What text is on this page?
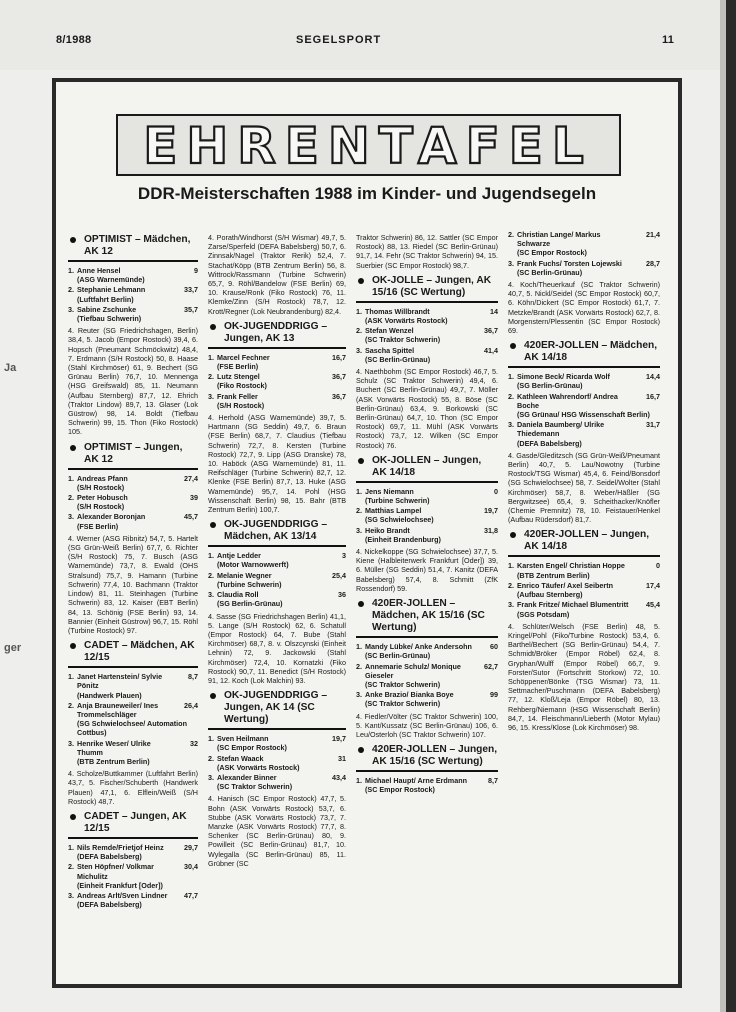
8/1988	SEGELSPORT	11
Ja
ger
EHRENTAFEL
DDR-Meisterschaften 1988 im Kinder- und Jugendsegeln
OPTIMIST – Mädchen, AK 12
1. Anne Hensel	9
(ASG Warnemünde)
2. Stephanie Lehmann	33,7
(Luftfahrt Berlin)
3. Sabine Zschunke	35,7
(Tiefbau Schwerin)
4. Reuter (SG Friedrichshagen, Berlin) 38,4, 5. Jacob (Empor Rostock) 39,4, 6. Hopsch (Pneumant Schmöckwitz) 48,4, 7. Erdmann (S/H Rostock) 50, 8. Haase (Stahl Kirchmöser) 61, 9. Bechert (SG Grünau Berlin) 76,7, 10. Mennenga (HSG Greifswald) 85, 11. Neumann (Aufbau Sternberg) 87,7, 12. Ehrich (Traktor Lindow) 89,7, 13. Glaser (Lok Güstrow) 98, 14. Boldt (Tiefbau Schwerin) 99, 15. Thon (Fiko Rostock) 105.
OPTIMIST – Jungen, AK 12
1. Andreas Pfann	27,4
(S/H Rostock)
2. Peter Hobusch	39
(S/H Rostock)
3. Alexander Boronjan	45,7
(FSE Berlin)
4. Werner (ASG Ribnitz) 54,7, 5. Hartelt (SG Grün-Weiß Berlin) 67,7, 6. Richter (S/H Rostock) 75, 7. Busch (ASG Warnemünde) 73,7, 8. Ewald (OHS Stralsund) 75,7, 9. Hamann (Turbine Schwerin) 77,4, 10. Bachmann (Traktor Lindow) 81, 11. Steinhagen (Turbine Schwerin) 83, 12. Kaiser (EBT Berlin) 84, 13. Schönig (FSE Berlin) 93, 14. Bannier (Einheit Güstrow) 96,7, 15. Röhl (Turbine Rostock) 97.
CADET – Mädchen, AK 12/15
1. Janet Hartenstein/ Sylvie Pönitz
8,7
(Handwerk Plauen)
2. Anja Brauneweiler/ Ines Trommelschläger
26,4
(SG Schwielochsee/ Automation Cottbus)
3. Henrike Weser/ Ulrike Thumm
32
(BTB Zentrum Berlin)
4. Scholze/Buttkammer (Luftfahrt Berlin) 43,7, 5. Fischer/Schuberth (Handwerk Plauen) 47,1, 6. Elflein/Weiß (S/H Rostock) 48,7.
CADET – Jungen, AK 12/15
1. Nils Remde/Frietjof Heinz	29,7
(DEFA Babelsberg)
2. Sten Höpfner/ Volkmar Michulitz
30,4
(Einheit Frankfurt [Oder])
3. Andreas Arlt/Sven Lindner	47,7
(DEFA Babelsberg)
4. Porath/Windhorst (S/H Wismar) 49,7, 5. Zarse/Sperfeld (DEFA Babelsberg) 50,7, 6. Zinnsak/Nagel (Traktor Rerik) 52,4, 7. Stachat/Köpp (BTB Zentrum Berlin) 56, 8. Wittrock/Rassmann (Turbine Schwerin) 65,7, 9. Röhl/Bandelow (FSE Berlin) 69, 10. Krause/Ronk (Fiko Rostock) 76, 11. Klemke/Zinn (S/H Rostock) 78,7, 12. Krott/Regner (Lok Neubrandenburg) 82,4.
OK-JUGENDDRIGG – Jungen, AK 13
1. Marcel Fechner	16,7
(FSE Berlin)
2. Lutz Stengel	36,7
(Fiko Rostock)
3. Frank Feller	36,7
(S/H Rostock)
4. Herhold (ASG Warnemünde) 39,7, 5. Hartmann (SG Seddin) 49,7, 6. Braun (FSE Berlin) 68,7, 7. Claudius (Tiefbau Schwerin) 72,7, 8. Kersten (Turbine Rostock) 72,7, 9. Lipp (ASG Dranske) 78, 10. Haböck (ASG Warnemünde) 81, 11. Reifschläger (Turbine Schwerin) 82,7, 12. Klenke (FSE Berlin) 87,7, 13. Huke (ASG Warnemünde) 95,7, 14. Pohl (HSG Wissenschaft Berlin) 98, 15. Bahr (BTB Zentrum Berlin) 100,7.
OK-JUGENDDRIGG – Mädchen, AK 13/14
1. Antje Ledder	3
(Motor Warnowwerft)
2. Melanie Wegner	25,4
(Turbine Schwerin)
3. Claudia Roll	36
(SG Berlin-Grünau)
4. Sasse (SG Friedrichshagen Berlin) 41,1, 5. Lange (S/H Rostock) 62, 6. Schatull (Empor Rostock) 64, 7. Bube (Stahl Kirchmöser) 68,7, 8. v. Olszcynski (Einheit Lehnin) 72, 9. Jackowski (Stahl Kirchmöser) 72,4, 10. Kornatzki (Fiko Rostock) 90,7, 11. Benedict (S/H Rostock) 91, 12. Koch (Lok Malchin) 93.
OK-JUGENDDRIGG – Jungen, AK 14 (SC Wertung)
1. Sven Heilmann	19,7
(SC Empor Rostock)
2. Stefan Waack	31
(ASK Vorwärts Rostock)
3. Alexander Binner	43,4
(SC Traktor Schwerin)
4. Hanisch (SC Empor Rostock) 47,7, 5. Bohn (ASK Vorwärts Rostock) 53,7, 6. Stubbe (ASK Vorwärts Rostock) 73,7, 7. Manzke (ASK Vorwärts Rostock) 77,7, 8. Schenker (SC Berlin-Grünau) 80, 9. Powilleit (SC Berlin-Grünau) 81,7, 10. Wylegalla (SC Berlin-Grünau) 85, 11. Grübner (SC
Traktor Schwerin) 86, 12. Sattler (SC Empor Rostock) 88, 13. Riedel (SC Berlin-Grünau) 91,7, 14. Fehr (SC Traktor Schwerin) 94, 15. Suerbier (SC Empor Rostock) 98,7.
OK-JOLLE – Jungen, AK 15/16 (SC Wertung)
1. Thomas Willbrandt	14
(ASK Vorwärts Rostock)
2. Stefan Wenzel	36,7
(SC Traktor Schwerin)
3. Sascha Spittel	41,4
(SC Berlin-Grünau)
4. Naethbohm (SC Empor Rostock) 46,7, 5. Schulz (SC Traktor Schwerin) 49,4, 6. Buchert (SC Berlin-Grünau) 49,7, 7. Möller (ASK Vorwärts Rostock) 55, 8. Böse (SC Berlin-Grünau) 63,4, 9. Borkowski (SC Berlin-Grünau) 64,7, 10. Thon (SC Empor Rostock) 69,7, 11. Mühl (ASK Vorwärts Rostock) 73,7, 12. Wilken (SC Empor Rostock) 76.
OK-JOLLEN – Jungen, AK 14/18
1. Jens Niemann	0
(Turbine Schwerin)
2. Matthias Lampel	19,7
(SG Schwielochsee)
3. Heiko Brandt	31,8
(Einheit Brandenburg)
4. Nickelkoppe (SG Schwielochsee) 37,7, 5. Kiene (Halbleiterwerk Frankfurt [Oder]) 39, 6. Müller (SG Seddin) 51,4, 7. Kanitz (DEFA Babelsberg) 57,4, 8. Schmitt (ZfK Rossendorf) 59.
420ER-JOLLEN – Mädchen, AK 15/16 (SC Wertung)
1. Mandy Lübke/ Anke Andersohn	60
(SC Berlin-Grünau)
2. Annemarie Schulz/ Monique Gieseler
62,7
(SC Traktor Schwerin)
3. Anke Brazio/ Bianka Boye	99
(SC Traktor Schwerin)
4. Fiedler/Völter (SC Traktor Schwerin) 100, 5. Kant/Kussatz (SC Berlin-Grünau) 106, 6. Leu/Osterloh (SC Traktor Schwerin) 107.
420ER-JOLLEN – Jungen, AK 15/16 (SC Wertung)
1. Michael Haupt/ Arne Erdmann	8,7
(SC Empor Rostock)
2. Christian Lange/ Markus Schwarze
21,4
(SC Empor Rostock)
3. Frank Fuchs/ Torsten Lojewski	28,7
(SC Berlin-Grünau)
4. Koch/Theuerkauf (SC Traktor Schwerin) 40,7, 5. Nickl/Seidel (SC Empor Rostock) 60,7, 6. Köhn/Dickert (SC Empor Rostock) 61,7, 7. Metzke/Brandt (ASK Vorwärts Rostock) 62,7, 8. Morgenstern/Plessentin (SC Empor Rostock) 69.
420ER-JOLLEN – Mädchen, AK 14/18
1. Simone Beck/ Ricarda Wolf	14,4
(SG Berlin-Grünau)
2. Kathleen Wahrendorf/ Andrea Boche
16,7
(SG Grünau/ HSG Wissenschaft Berlin)
3. Daniela Baumberg/ Ulrike Thiedemann
31,7
(DEFA Babelsberg)
4. Gasde/Gleditzsch (SG Grün-Weiß/Pneumant Berlin) 40,7, 5. Lau/Nowotny (Turbine Rostock/TSG Wismar) 45,4, 6. Feind/Bonsdorf (SG Schwielochsee) 58, 7. Seidel/Wolter (Stahl Kirchmöser) 58,7, 8. Weber/Häßler (SG Bergwitzsee) 65,4, 9. Scheithacker/Knöfler (Chemie Premnitz) 78, 10. Feistauer/Henkel (Aufbau Rüdersdorf) 81,7.
420ER-JOLLEN – Jungen, AK 14/18
1. Karsten Engel/ Christian Hoppe	0
(BTB Zentrum Berlin)
2. Enrico Täufer/ Axel Seibertn	17,4
(Aufbau Sternberg)
3. Frank Fritze/ Michael Blumentritt	45,4
(SGS Potsdam)
4. Schlüter/Welsch (FSE Berlin) 48, 5. Kringel/Pohl (Fiko/Turbine Rostock) 53,4, 6. Barthel/Bechert (SG Berlin-Grünau) 54,4, 7. Schmidt/Bröker (Empor Röbel) 62,4, 8. Gryphan/Wulff (Empor Röbel) 66,7, 9. Forster/Sutor (Fortschritt Storkow) 72, 10. Schöppener/Bönke (TSG Wismar) 73, 11. Settmacher/Puschmann (DEFA Babelsberg) 77, 12. Kloß/Leja (Empor Röbel) 80, 13. Rehberg/Niemann (HSG Wissenschaft Berlin) 84,7, 14. Fleischmann/Lieberth (Motor Mylau) 96, 15. Kress/Klose (Lok Kirchmöser) 98.
